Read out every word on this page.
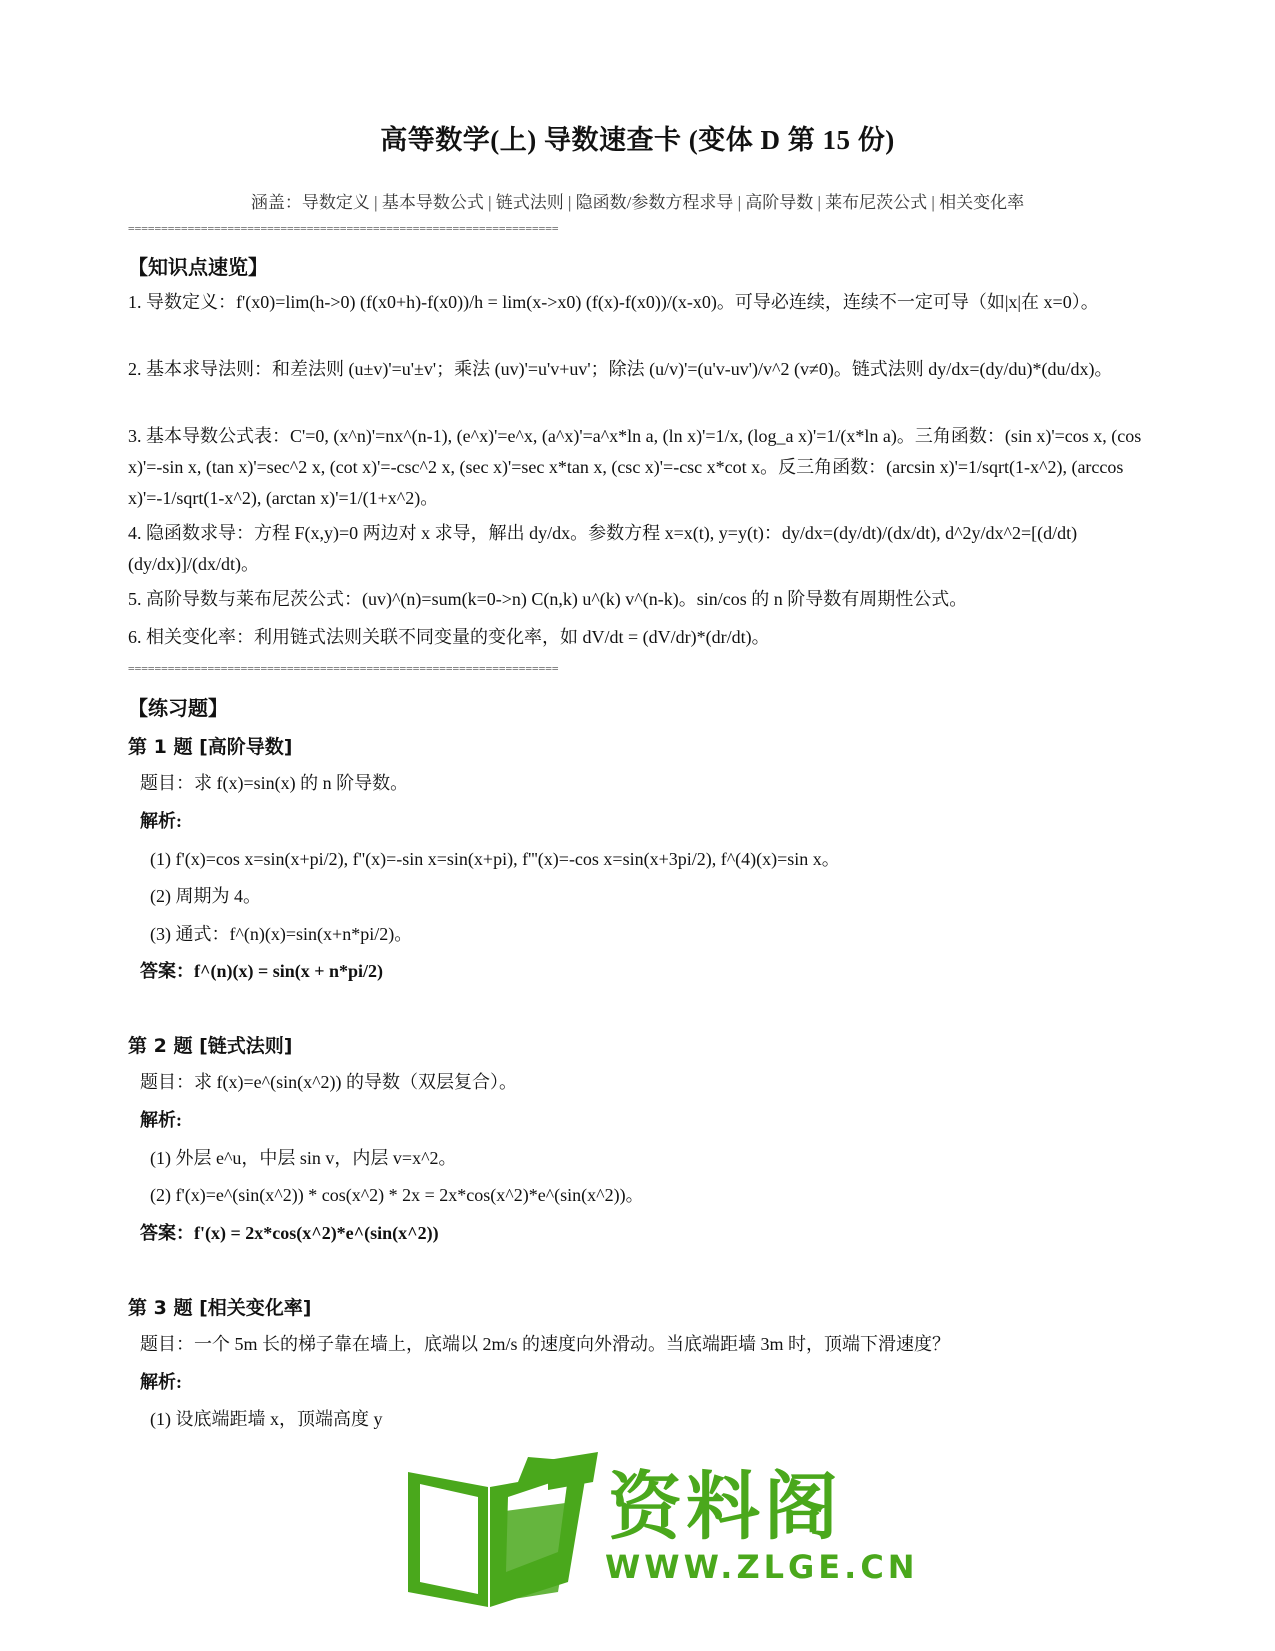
高等数学(上) 导数速查卡 (变体 D 第 15 份)
涵盖：导数定义 | 基本导数公式 | 链式法则 | 隐函数/参数方程求导 | 高阶导数 | 莱布尼茨公式 | 相关变化率
=================================================================
【知识点速览】
1. 导数定义：f'(x0)=lim(h->0) (f(x0+h)-f(x0))/h = lim(x->x0) (f(x)-f(x0))/(x-x0)。可导必连续，连续不一定可导（如|x|在 x=0）。
2. 基本求导法则：和差法则 (u±v)'=u'±v'；乘法 (uv)'=u'v+uv'；除法 (u/v)'=(u'v-uv')/v^2 (v≠0)。链式法则 dy/dx=(dy/du)*(du/dx)。
3. 基本导数公式表：C'=0, (x^n)'=nx^(n-1), (e^x)'=e^x, (a^x)'=a^x*ln a, (ln x)'=1/x, (log_a x)'=1/(x*ln a)。三角函数：(sin x)'=cos x, (cos x)'=-sin x, (tan x)'=sec^2 x, (cot x)'=-csc^2 x, (sec x)'=sec x*tan x, (csc x)'=-csc x*cot x。反三角函数：(arcsin x)'=1/sqrt(1-x^2), (arccos x)'=-1/sqrt(1-x^2), (arctan x)'=1/(1+x^2)。
4. 隐函数求导：方程 F(x,y)=0 两边对 x 求导，解出 dy/dx。参数方程 x=x(t), y=y(t)：dy/dx=(dy/dt)/(dx/dt), d^2y/dx^2=[(d/dt)(dy/dx)]/(dx/dt)。
5. 高阶导数与莱布尼茨公式：(uv)^(n)=sum(k=0->n) C(n,k) u^(k) v^(n-k)。sin/cos 的 n 阶导数有周期性公式。
6. 相关变化率：利用链式法则关联不同变量的变化率，如 dV/dt = (dV/dr)*(dr/dt)。
=================================================================
【练习题】
第 1 题 [高阶导数]
题目：求 f(x)=sin(x) 的 n 阶导数。
解析:
(1) f'(x)=cos x=sin(x+pi/2), f''(x)=-sin x=sin(x+pi), f'''(x)=-cos x=sin(x+3pi/2), f^(4)(x)=sin x。
(2) 周期为 4。
(3) 通式：f^(n)(x)=sin(x+n*pi/2)。
答案：f^(n)(x) = sin(x + n*pi/2)
第 2 题 [链式法则]
题目：求 f(x)=e^(sin(x^2)) 的导数（双层复合）。
解析:
(1) 外层 e^u，中层 sin v，内层 v=x^2。
(2) f'(x)=e^(sin(x^2)) * cos(x^2) * 2x = 2x*cos(x^2)*e^(sin(x^2))。
答案：f'(x) = 2x*cos(x^2)*e^(sin(x^2))
第 3 题 [相关变化率]
题目：一个 5m 长的梯子靠在墙上，底端以 2m/s 的速度向外滑动。当底端距墙 3m 时，顶端下滑速度？
解析:
(1) 设底端距墙 x，顶端高度 y
资料阁
WWW.ZLGE.CN
